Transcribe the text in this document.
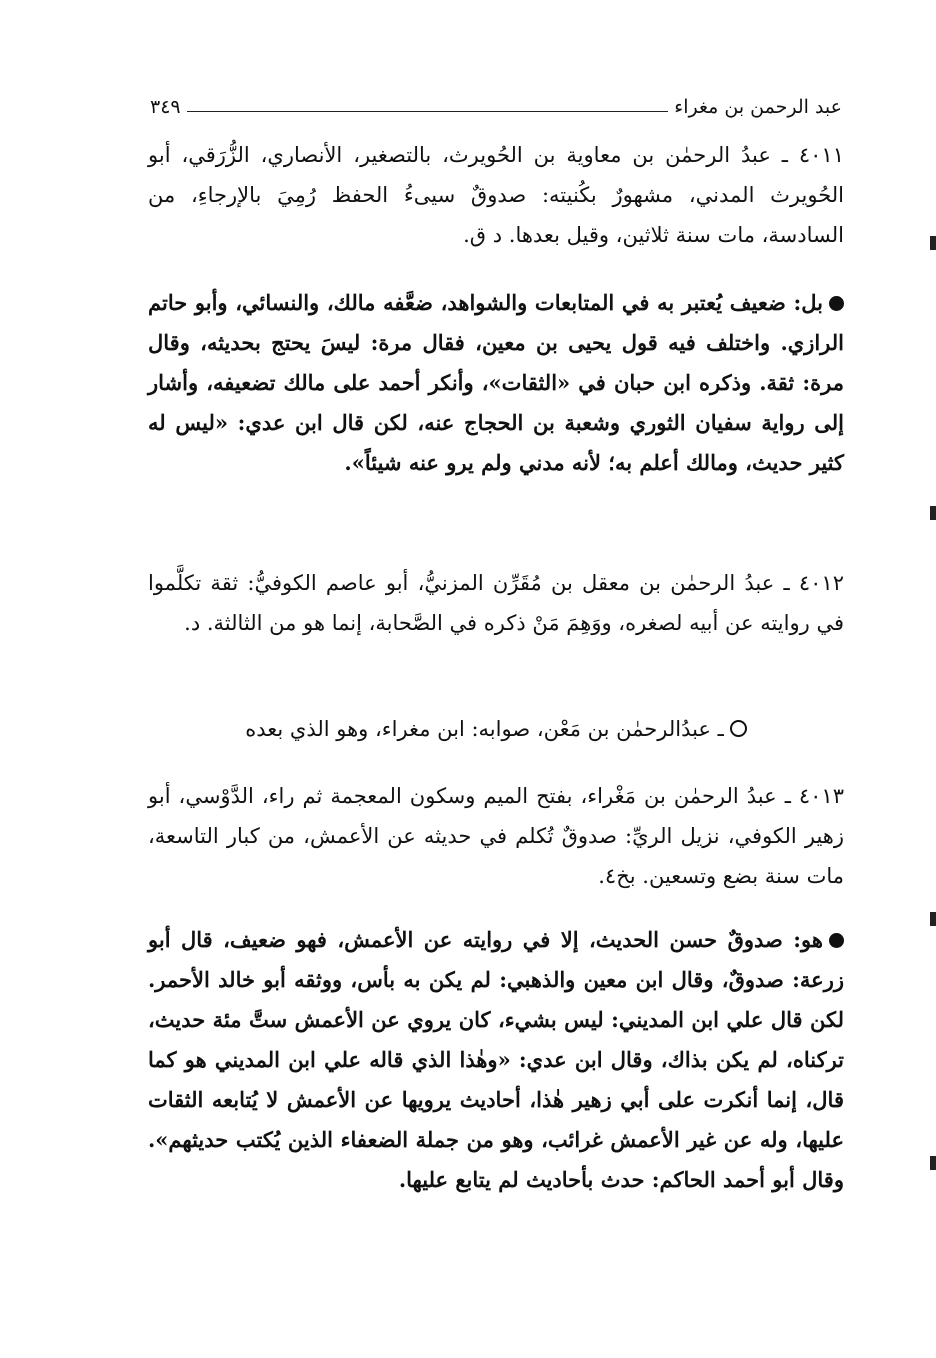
عبد الرحمن بن مغراء
٣٤٩
٤٠١١ ـ عبدُ الرحمٰن بن معاوية بن الحُويرث، بالتصغير، الأنصاري، الزُّرَقي، أبو الحُويرث المدني، مشهورٌ بكُنيته: صدوقٌ سيىءُ الحفظ رُمِيَ بالإرجاءِ، من السادسة، مات سنة ثلاثين، وقيل بعدها. د ق.
بل: ضعيف يُعتبر به في المتابعات والشواهد، ضعَّفه مالك، والنسائي، وأبو حاتم الرازي. واختلف فيه قول يحيى بن معين، فقال مرة: ليسَ يحتج بحديثه، وقال مرة: ثقة. وذكره ابن حبان في «الثقات»، وأنكر أحمد على مالك تضعيفه، وأشار إلى رواية سفيان الثوري وشعبة بن الحجاج عنه، لكن قال ابن عدي: «ليس له كثير حديث، ومالك أعلم به؛ لأنه مدني ولم يرو عنه شيئاً».
٤٠١٢ ـ عبدُ الرحمٰن بن معقل بن مُقَرِّن المزنيُّ، أبو عاصم الكوفيُّ: ثقة تكلَّموا في روايته عن أبيه لصغره، ووَهِمَ مَنْ ذكره في الصَّحابة، إنما هو من الثالثة. د.
ـ عبدُالرحمٰن بن مَعْن، صوابه: ابن مغراء، وهو الذي بعده
٤٠١٣ ـ عبدُ الرحمٰن بن مَغْراء، بفتح الميم وسكون المعجمة ثم راء، الدَّوْسي، أبو زهير الكوفي، نزيل الريِّ: صدوقٌ تُكلم في حديثه عن الأعمش، من كبار التاسعة، مات سنة بضع وتسعين. بخ٤.
هو: صدوقٌ حسن الحديث، إلا في روايته عن الأعمش، فهو ضعيف، قال أبو زرعة: صدوقٌ، وقال ابن معين والذهبي: لم يكن به بأس، ووثقه أبو خالد الأحمر. لكن قال علي ابن المديني: ليس بشيء، كان يروي عن الأعمش ستَّ مئة حديث، تركناه، لم يكن بذاك، وقال ابن عدي: «وهٰذا الذي قاله علي ابن المديني هو كما قال، إنما أنكرت على أبي زهير هٰذا، أحاديث يرويها عن الأعمش لا يُتابعه الثقات عليها، وله عن غير الأعمش غرائب، وهو من جملة الضعفاء الذين يُكتب حديثهم». وقال أبو أحمد الحاكم: حدث بأحاديث لم يتابع عليها.
